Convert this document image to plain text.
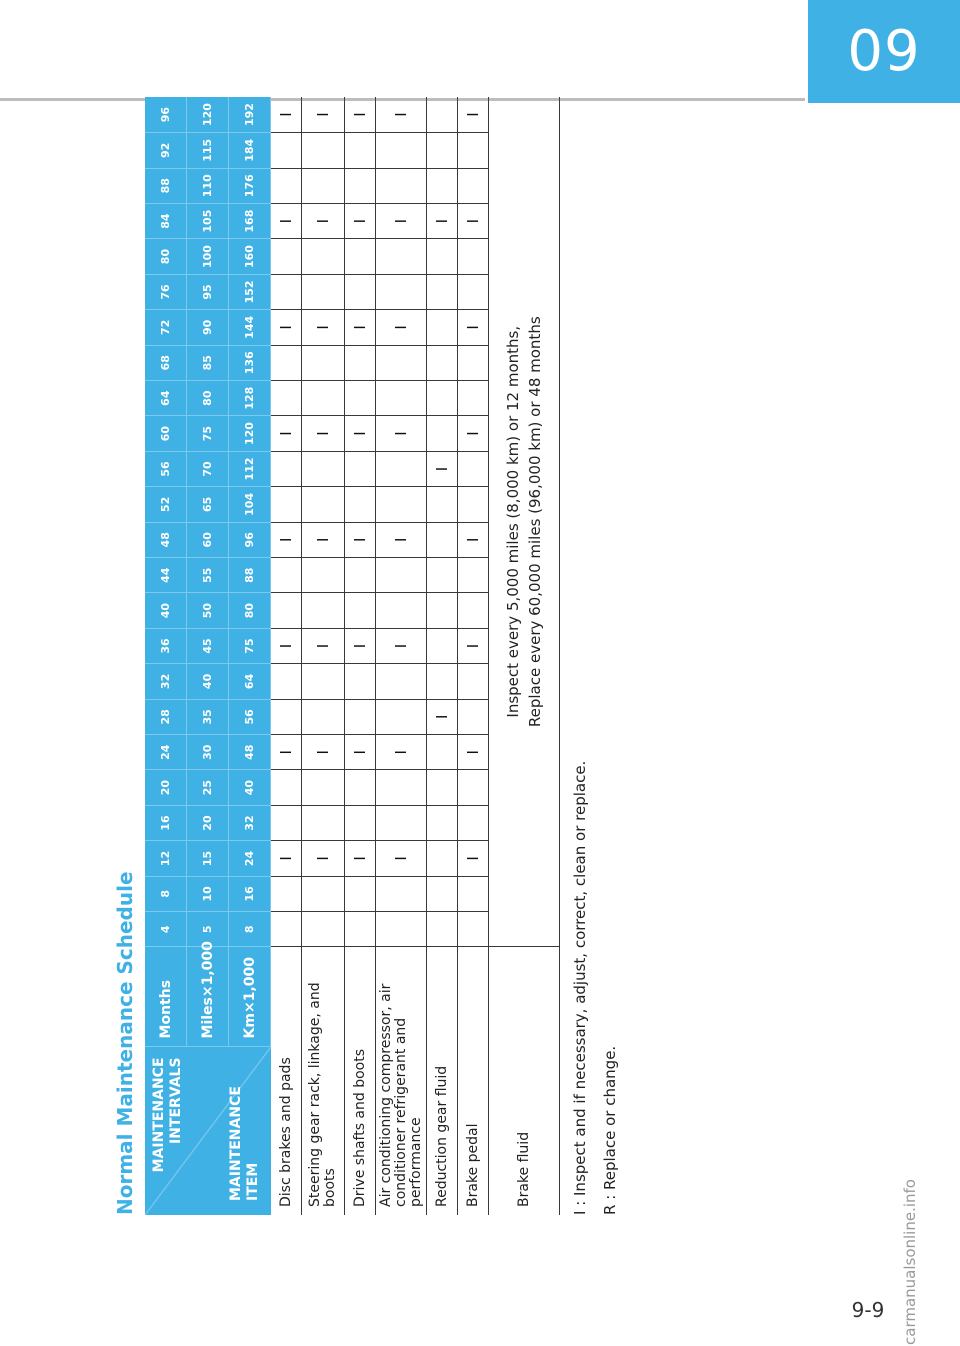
09
9-9	carmanualsonline.info
Normal Maintenance Schedule MAINTENANCE INTERVALS MAINTENANCE ITEM	Months	4	8	12	16	20	24	28	32	36	40	44	48	52	56	60	64	68	72	76	80	84	88	92	96
	Miles×1,000	5	10	15	20	25	30	35	40	45	50	55	60	65	70	75	80	85	90	95	100	105	110	115	120
	Km×1,000	8	16	24	32	40	48	56	64	75	80	88	96	104	112	120	128	136	144	152	160	168	176	184	192
Disc brakes and pads				I			I			I			I			I			I			I			I
Steering gear rack, linkage, and boots				I			I			I			I			I			I			I			I
Drive shafts and boots				I			I			I			I			I			I			I			I
Air conditioning compressor, air conditioner refrigerant and performance				I			I			I			I			I			I			I			I
Reduction gear fluid								I							I							I			
Brake pedal				I			I			I			I			I			I			I			I
Brake fluid		Inspect every 5,000 miles (8,000 km) or 12 months, Replace every 60,000 miles (96,000 km) or 48 months																							
I : Inspect and if necessary, adjust, correct, clean or replace. R : Replace or change.
